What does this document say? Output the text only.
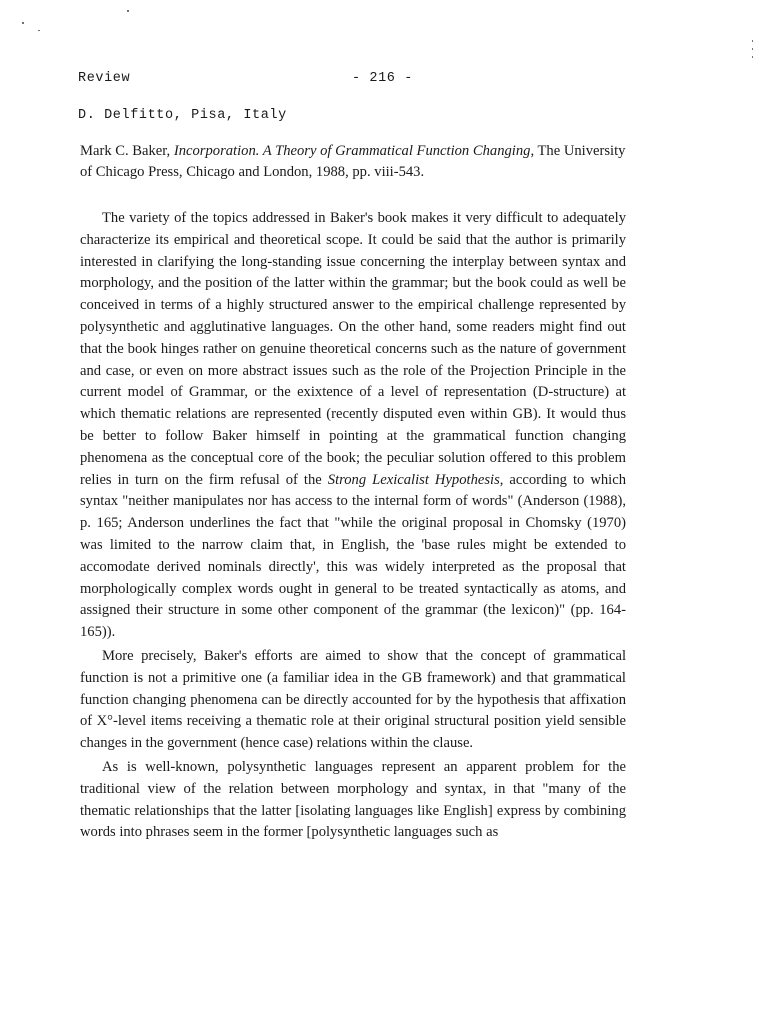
Review	- 216 -
D. Delfitto, Pisa, Italy
Mark C. Baker, Incorporation. A Theory of Grammatical Function Changing, The University of Chicago Press, Chicago and London, 1988, pp. viii-543.

The variety of the topics addressed in Baker's book makes it very difficult to adequately characterize its empirical and theoretical scope. It could be said that the author is primarily interested in clarifying the long-standing issue concerning the interplay between syntax and morphology, and the position of the latter within the grammar; but the book could as well be conceived in terms of a highly structured answer to the empirical challenge represented by polysynthetic and agglutinative languages. On the other hand, some readers might find out that the book hinges rather on genuine theoretical concerns such as the nature of government and case, or even on more abstract issues such as the role of the Projection Principle in the current model of Grammar, or the exixtence of a level of representation (D-structure) at which thematic relations are represented (recently disputed even within GB). It would thus be better to follow Baker himself in pointing at the grammatical function changing phenomena as the conceptual core of the book; the peculiar solution offered to this problem relies in turn on the firm refusal of the Strong Lexicalist Hypothesis, according to which syntax "neither manipulates nor has access to the internal form of words" (Anderson (1988), p. 165; Anderson underlines the fact that "while the original proposal in Chomsky (1970) was limited to the narrow claim that, in English, the 'base rules might be extended to accomodate derived nominals directly', this was widely interpreted as the proposal that morphologically complex words ought in general to be treated syntactically as atoms, and assigned their structure in some other component of the grammar (the lexicon)" (pp. 164-165)).

More precisely, Baker's efforts are aimed to show that the concept of grammatical function is not a primitive one (a familiar idea in the GB framework) and that grammatical function changing phenomena can be directly accounted for by the hypothesis that affixation of X°-level items receiving a thematic role at their original structural position yield sensible changes in the government (hence case) relations within the clause.

As is well-known, polysynthetic languages represent an apparent problem for the traditional view of the relation between morphology and syntax, in that "many of the thematic relationships that the latter [isolating languages like English] express by combining words into phrases seem in the former [polysynthetic languages such as
